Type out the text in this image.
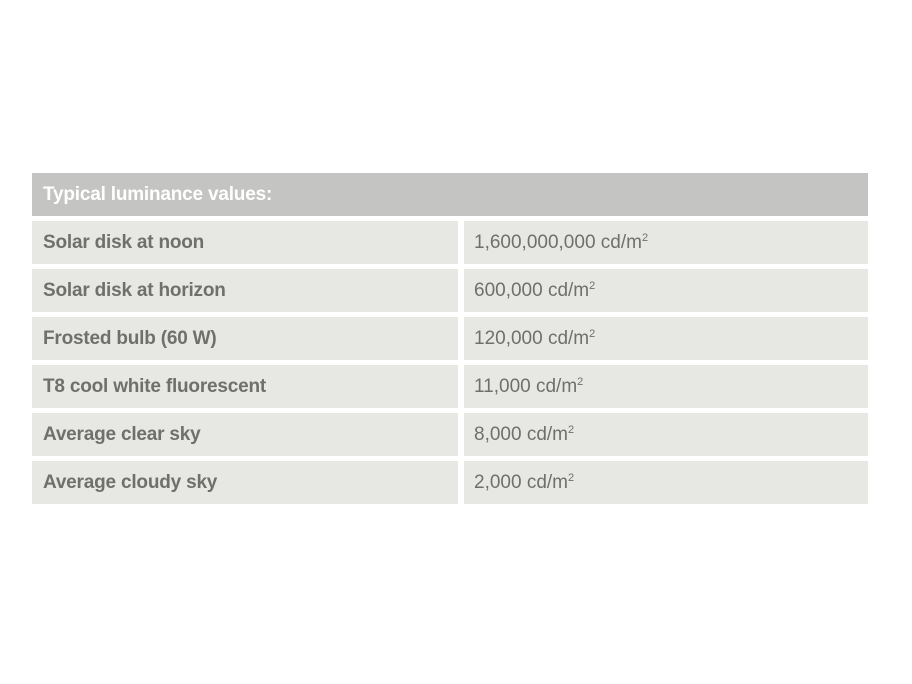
Typical luminance values:
Solar disk at noon	1,600,000,000 $cd/m^2$
Solar disk at horizon	600,000 $cd/m^2$
Frosted bulb (60 W)	120,000 $cd/m^2$
T8 cool white fluorescent	11,000 $cd/m^2$
Average clear sky	8,000 $cd/m^2$
Average cloudy sky	2,000 $cd/m^2$
